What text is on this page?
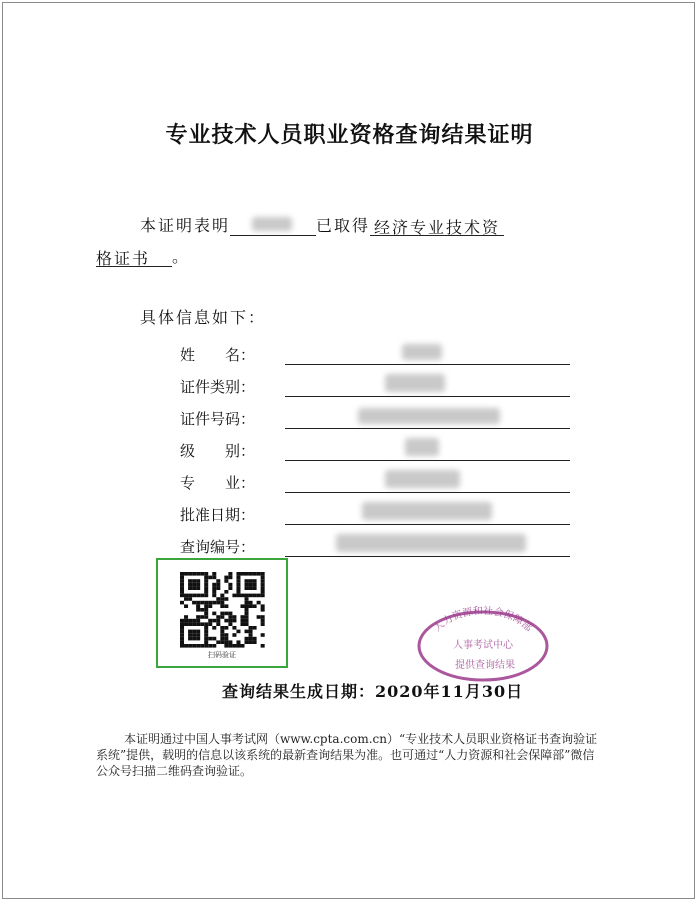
专业技术人员职业资格查询结果证明
本证明表明	已取得 经济专业技术资
格证书 。
具体信息如下：
姓　　名：
证件类别：
证件号码：
级　　别：
专　　业：
批准日期：
查询编号：
扫码验证
人力资源和社会保障部
人事考试中心
提供查询结果
查询结果生成日期：2020年11月30日
本证明通过中国人事考试网（www.cpta.com.cn）“专业技术人员职业资格证书查询验证系统”提供，载明的信息以该系统的最新查询结果为准。也可通过“人力资源和社会保障部”微信公众号扫描二维码查询验证。
